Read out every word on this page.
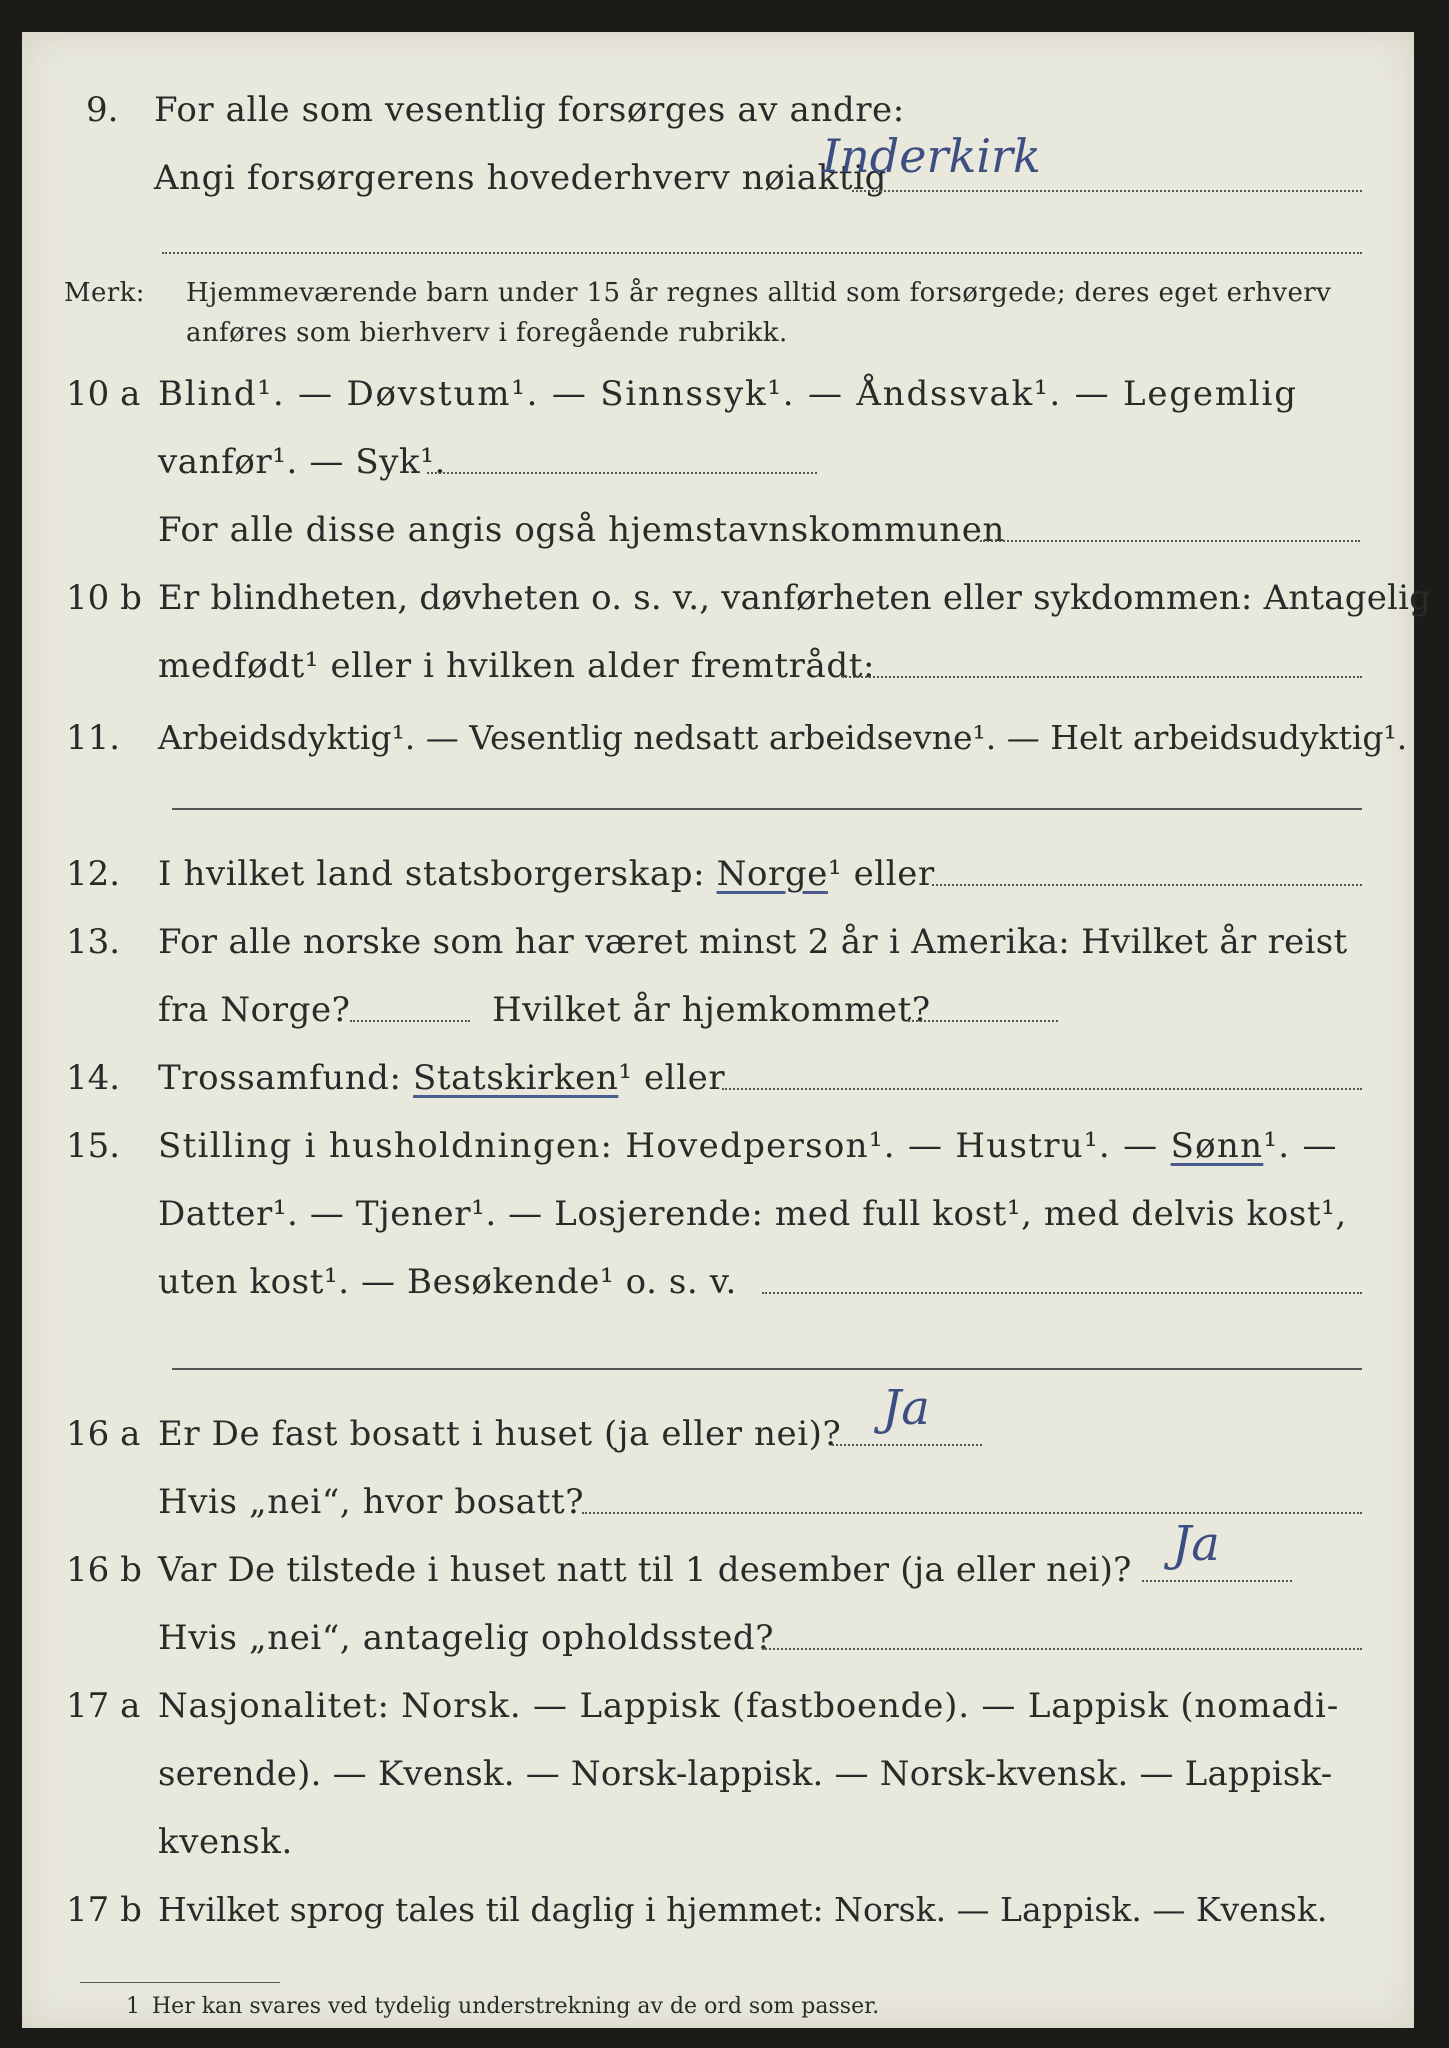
9. For alle som vesentlig forsørges av andre:
Angi forsørgerens hovederhverv nøiaktig
Inderkirk
Merk: Hjemmeværende barn under 15 år regnes alltid som forsørgede; deres eget erhverv
anføres som bierhverv i foregående rubrikk.
10 a Blind¹. — Døvstum¹. — Sinnssyk¹. — Åndssvak¹. — Legemlig
vanfør¹. — Syk¹.
For alle disse angis også hjemstavnskommunen
10 b Er blindheten, døvheten o. s. v., vanførheten eller sykdommen: Antagelig
medfødt¹ eller i hvilken alder fremtrådt:
11. Arbeidsdyktig¹. — Vesentlig nedsatt arbeidsevne¹. — Helt arbeidsudyktig¹.
12. I hvilket land statsborgerskap: Norge¹ eller
13. For alle norske som har været minst 2 år i Amerika: Hvilket år reist
fra Norge?	Hvilket år hjemkommet?
14. Trossamfund: Statskirken¹ eller
15. Stilling i husholdningen: Hovedperson¹. — Hustru¹. — Sønn¹. —
Datter¹. — Tjener¹. — Losjerende: med full kost¹, med delvis kost¹,
uten kost¹. — Besøkende¹ o. s. v.
16 a Er De fast bosatt i huset (ja eller nei)? Ja
Hvis „nei“, hvor bosatt?
16 b Var De tilstede i huset natt til 1 desember (ja eller nei)? Ja
Hvis „nei“, antagelig opholdssted?
17 a Nasjonalitet: Norsk. — Lappisk (fastboende). — Lappisk (nomadi-
serende). — Kvensk. — Norsk-lappisk. — Norsk-kvensk. — Lappisk-
kvensk.
17 b Hvilket sprog tales til daglig i hjemmet: Norsk. — Lappisk. — Kvensk.
1 Her kan svares ved tydelig understrekning av de ord som passer.
